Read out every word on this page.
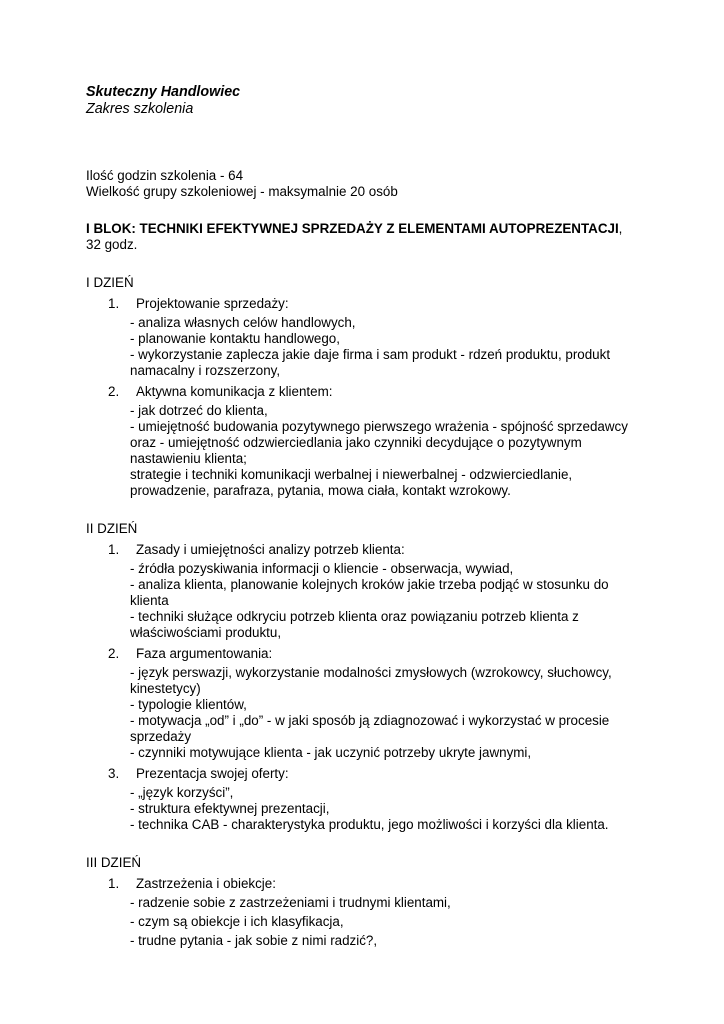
Skuteczny Handlowiec
Zakres szkolenia
Ilość godzin szkolenia - 64
Wielkość grupy szkoleniowej - maksymalnie 20 osób
I BLOK: TECHNIKI EFEKTYWNEJ SPRZEDAŻY Z ELEMENTAMI AUTOPREZENTACJI,
32 godz.
I DZIEŃ
1.	Projektowanie sprzedaży:
- analiza własnych celów handlowych,
- planowanie kontaktu handlowego,
- wykorzystanie zaplecza jakie daje firma i sam produkt - rdzeń produktu, produkt namacalny i rozszerzony,
2.	Aktywna komunikacja z klientem:
- jak dotrzeć do klienta,
- umiejętność budowania pozytywnego pierwszego wrażenia - spójność sprzedawcy oraz - umiejętność odzwierciedlania jako czynniki decydujące o pozytywnym nastawieniu klienta;
strategie i techniki komunikacji werbalnej i niewerbalnej - odzwierciedlanie, prowadzenie, parafraza, pytania, mowa ciała, kontakt wzrokowy.
II DZIEŃ
1.	Zasady i umiejętności analizy potrzeb klienta:
- źródła pozyskiwania informacji o kliencie - obserwacja, wywiad,
- analiza klienta, planowanie kolejnych kroków jakie trzeba podjąć w stosunku do klienta
- techniki służące odkryciu potrzeb klienta oraz powiązaniu potrzeb klienta z właściwościami produktu,
2.	Faza argumentowania:
- język perswazji, wykorzystanie modalności zmysłowych (wzrokowcy, słuchowcy, kinestetycy)
- typologie klientów,
- motywacja „od” i „do” - w jaki sposób ją zdiagnozować i wykorzystać w procesie sprzedaży
- czynniki motywujące klienta - jak uczynić potrzeby ukryte jawnymi,
3.	Prezentacja swojej oferty:
- „język korzyści”,
- struktura efektywnej prezentacji,
- technika CAB - charakterystyka produktu, jego możliwości i korzyści dla klienta.
III DZIEŃ
1.	Zastrzeżenia i obiekcje:
- radzenie sobie z zastrzeżeniami i trudnymi klientami,
- czym są obiekcje i ich klasyfikacja,
- trudne pytania - jak sobie z nimi radzić?,
